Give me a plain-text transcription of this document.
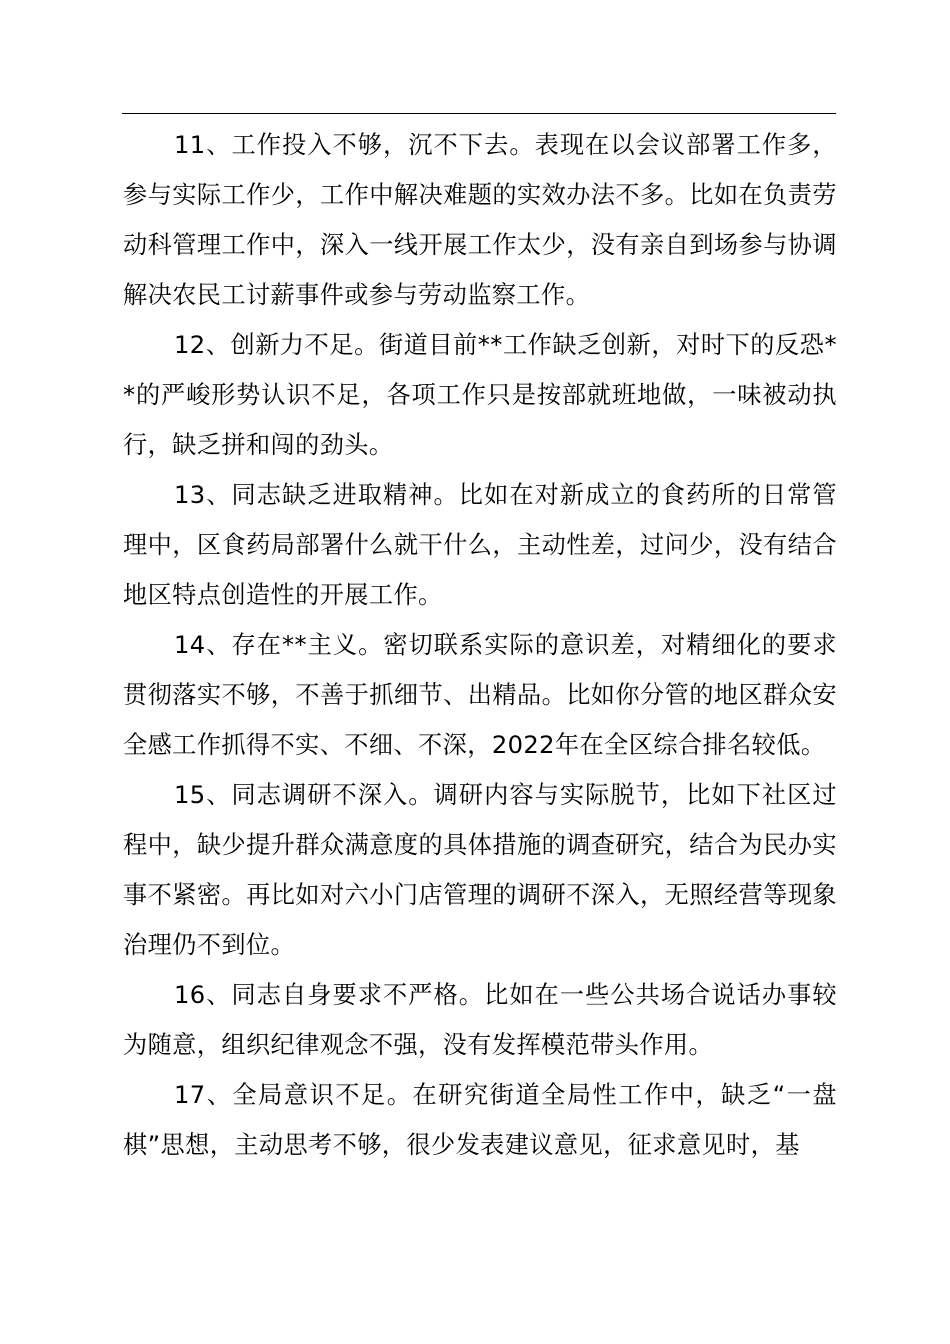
11、工作投入不够，沉不下去。表现在以会议部署工作多，参与实际工作少，工作中解决难题的实效办法不多。比如在负责劳动科管理工作中，深入一线开展工作太少，没有亲自到场参与协调解决农民工讨薪事件或参与劳动监察工作。

12、创新力不足。街道目前**工作缺乏创新，对时下的反恐**的严峻形势认识不足，各项工作只是按部就班地做，一味被动执行，缺乏拼和闯的劲头。

13、同志缺乏进取精神。比如在对新成立的食药所的日常管理中，区食药局部署什么就干什么，主动性差，过问少，没有结合地区特点创造性的开展工作。

14、存在**主义。密切联系实际的意识差，对精细化的要求贯彻落实不够，不善于抓细节、出精品。比如你分管的地区群众安全感工作抓得不实、不细、不深，2022年在全区综合排名较低。

15、同志调研不深入。调研内容与实际脱节，比如下社区过程中，缺少提升群众满意度的具体措施的调查研究，结合为民办实事不紧密。再比如对六小门店管理的调研不深入，无照经营等现象治理仍不到位。

16、同志自身要求不严格。比如在一些公共场合说话办事较为随意，组织纪律观念不强，没有发挥模范带头作用。

17、全局意识不足。在研究街道全局性工作中，缺乏“一盘棋”思想，主动思考不够，很少发表建议意见，征求意见时，基
